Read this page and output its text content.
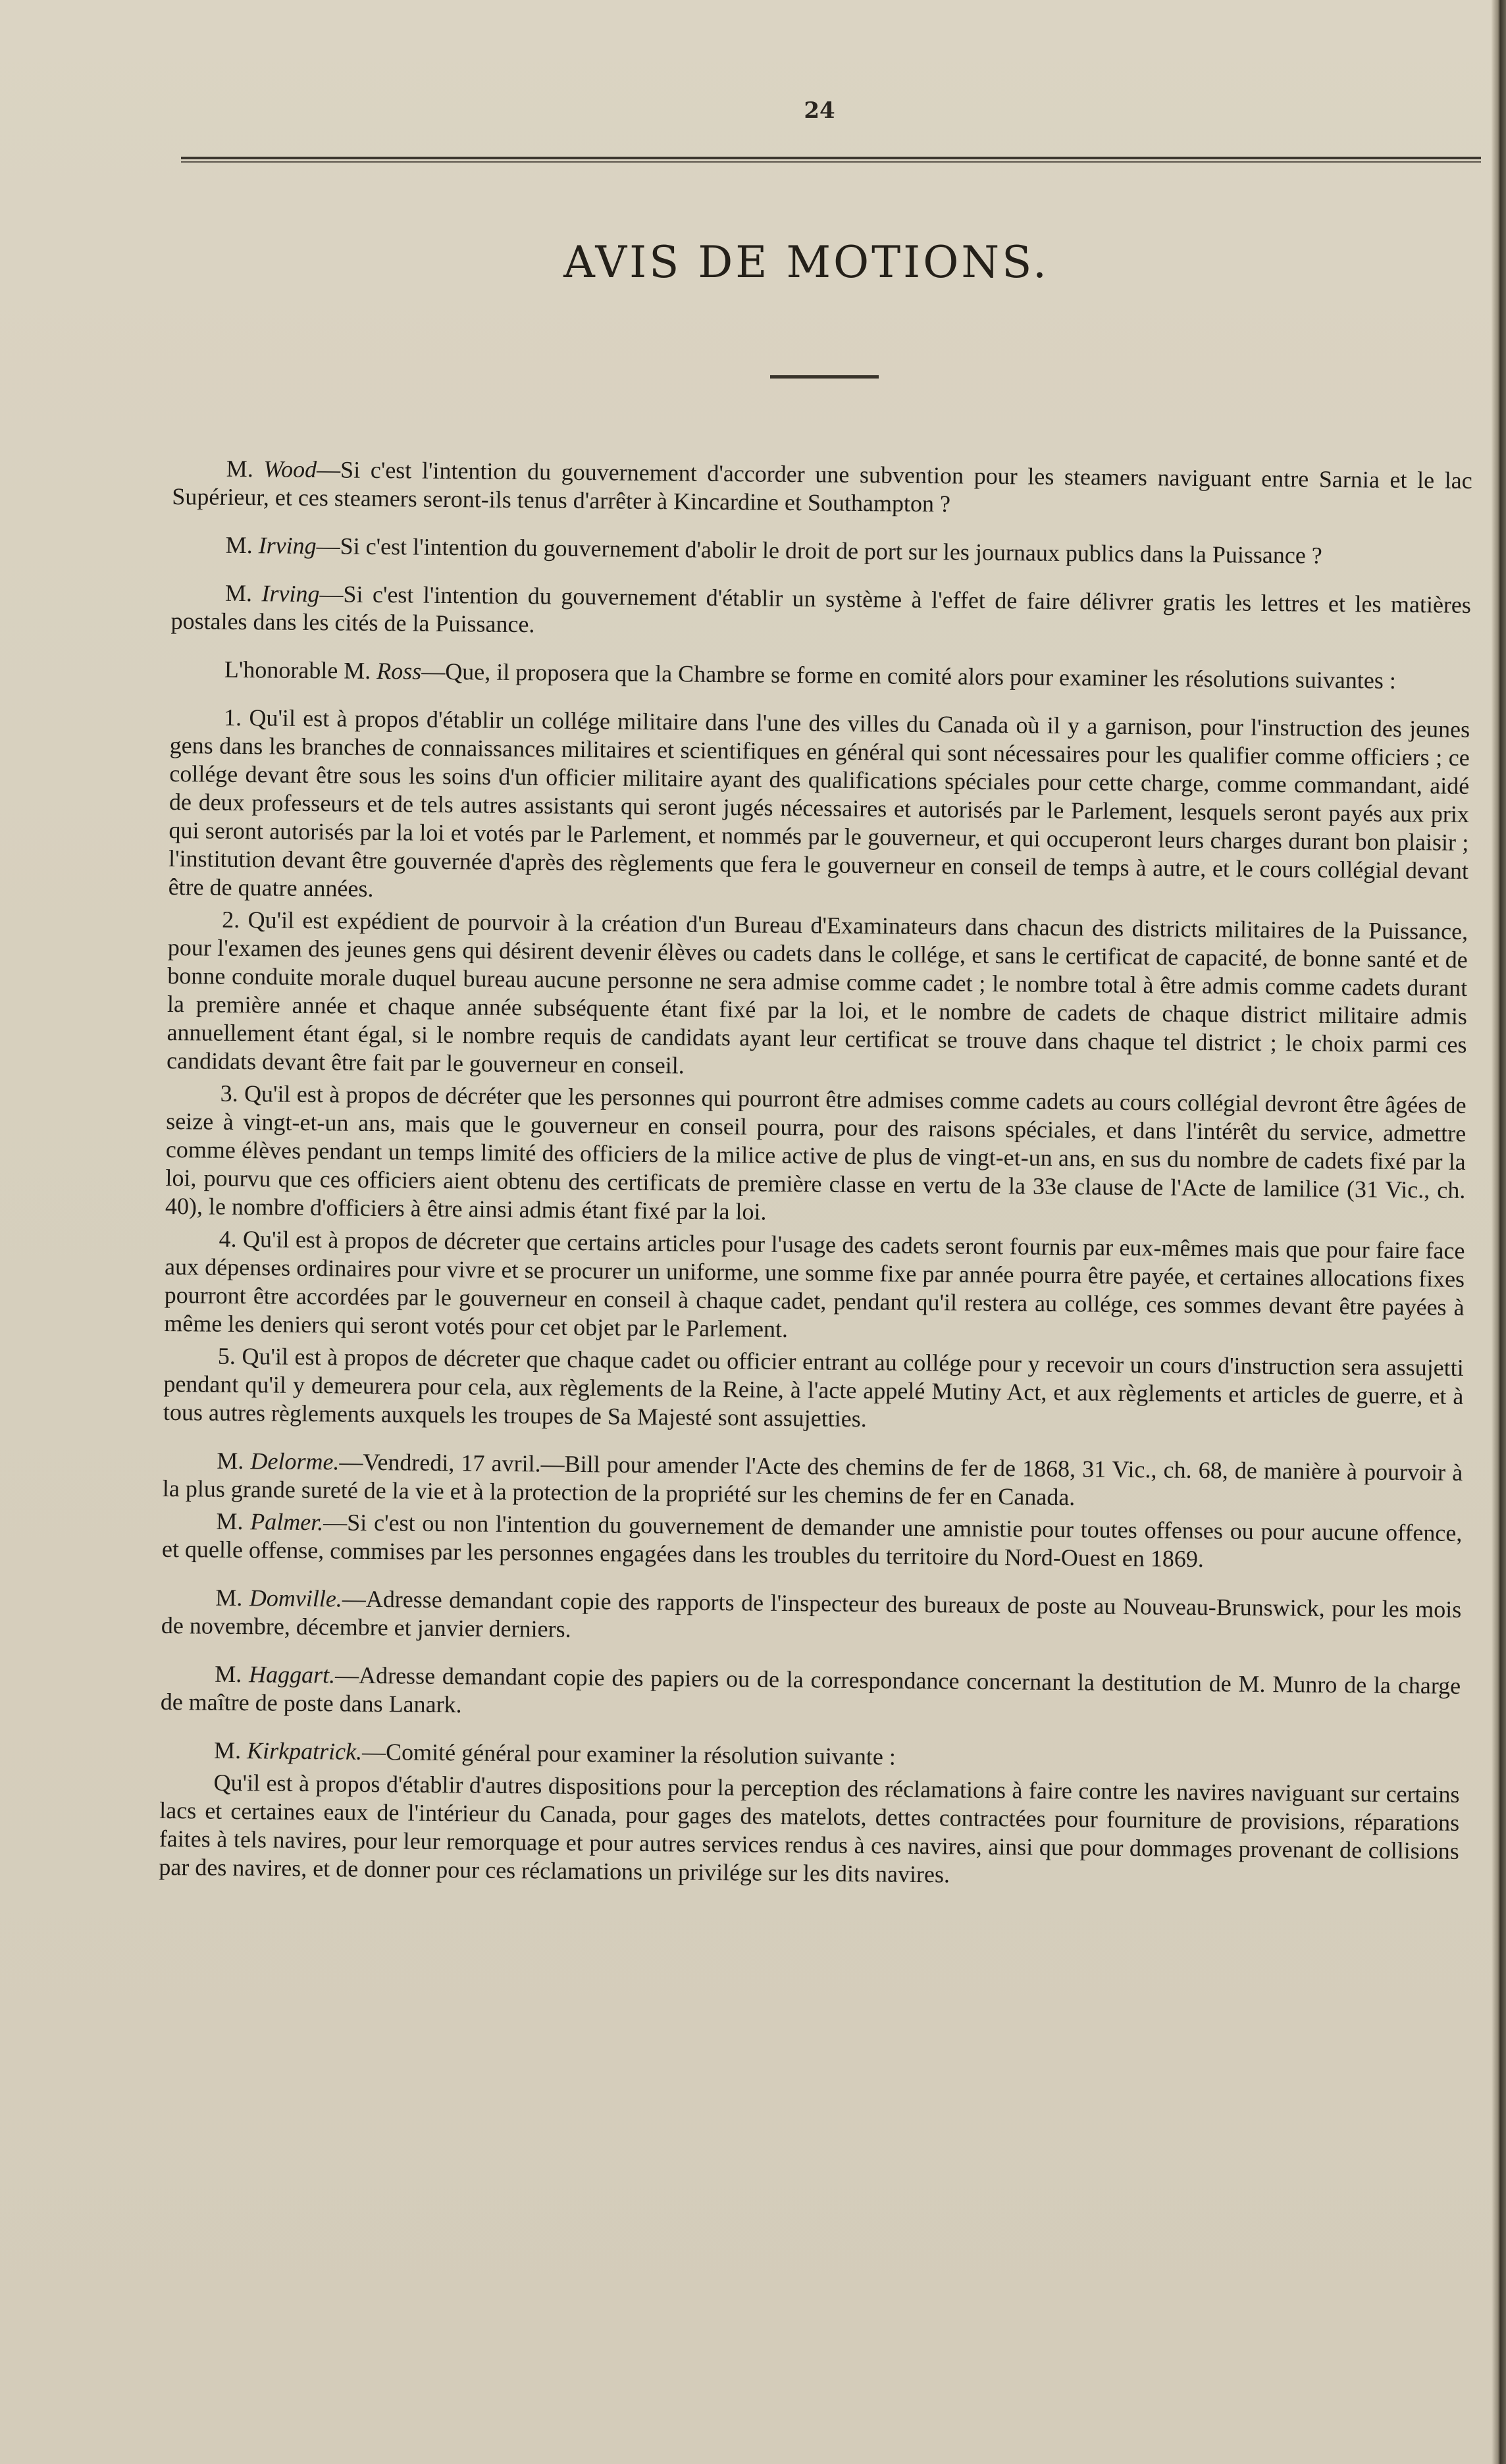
24
AVIS DE MOTIONS.

M. Wood—Si c'est l'intention du gouvernement d'accorder une subvention pour les steamers naviguant entre Sarnia et le lac Supérieur, et ces steamers seront-ils tenus d'arrêter à Kincardine et Southampton ?

M. Irving—Si c'est l'intention du gouvernement d'abolir le droit de port sur les journaux publics dans la Puissance ?

M. Irving—Si c'est l'intention du gouvernement d'établir un système à l'effet de faire délivrer gratis les lettres et les matières postales dans les cités de la Puissance.

L'honorable M. Ross—Que, il proposera que la Chambre se forme en comité alors pour examiner les résolutions suivantes :

1. Qu'il est à propos d'établir un collége militaire dans l'une des villes du Canada où il y a garnison, pour l'instruction des jeunes gens dans les branches de connaissances militaires et scientifiques en général qui sont nécessaires pour les qualifier comme officiers ; ce collége devant être sous les soins d'un officier militaire ayant des qualifications spéciales pour cette charge, comme commandant, aidé de deux professeurs et de tels autres assistants qui seront jugés nécessaires et autorisés par le Parlement, lesquels seront payés aux prix qui seront autorisés par la loi et votés par le Parlement, et nommés par le gouverneur, et qui occuperont leurs charges durant bon plaisir ; l'institution devant être gouvernée d'après des règlements que fera le gouverneur en conseil de temps à autre, et le cours collégial devant être de quatre années.

2. Qu'il est expédient de pourvoir à la création d'un Bureau d'Examinateurs dans chacun des districts militaires de la Puissance, pour l'examen des jeunes gens qui désirent devenir élèves ou cadets dans le collége, et sans le certificat de capacité, de bonne santé et de bonne conduite morale duquel bureau aucune personne ne sera admise comme cadet ; le nombre total à être admis comme cadets durant la première année et chaque année subséquente étant fixé par la loi, et le nombre de cadets de chaque district militaire admis annuellement étant égal, si le nombre requis de candidats ayant leur certificat se trouve dans chaque tel district ; le choix parmi ces candidats devant être fait par le gouverneur en conseil.

3. Qu'il est à propos de décréter que les personnes qui pourront être admises comme cadets au cours collégial devront être âgées de seize à vingt-et-un ans, mais que le gouverneur en conseil pourra, pour des raisons spéciales, et dans l'intérêt du service, admettre comme élèves pendant un temps limité des officiers de la milice active de plus de vingt-et-un ans, en sus du nombre de cadets fixé par la loi, pourvu que ces officiers aient obtenu des certificats de première classe en vertu de la 33e clause de l'Acte de lamilice (31 Vic., ch. 40), le nombre d'officiers à être ainsi admis étant fixé par la loi.

4. Qu'il est à propos de décreter que certains articles pour l'usage des cadets seront fournis par eux-mêmes mais que pour faire face aux dépenses ordinaires pour vivre et se procurer un uniforme, une somme fixe par année pourra être payée, et certaines allocations fixes pourront être accordées par le gouverneur en conseil à chaque cadet, pendant qu'il restera au collége, ces sommes devant être payées à même les deniers qui seront votés pour cet objet par le Parlement.

5. Qu'il est à propos de décreter que chaque cadet ou officier entrant au collége pour y recevoir un cours d'instruction sera assujetti pendant qu'il y demeurera pour cela, aux règlements de la Reine, à l'acte appelé Mutiny Act, et aux règlements et articles de guerre, et à tous autres règlements auxquels les troupes de Sa Majesté sont assujetties.

M. Delorme.—Vendredi, 17 avril.—Bill pour amender l'Acte des chemins de fer de 1868, 31 Vic., ch. 68, de manière à pourvoir à la plus grande sureté de la vie et à la protection de la propriété sur les chemins de fer en Canada.

M. Palmer.—Si c'est ou non l'intention du gouvernement de demander une amnistie pour toutes offenses ou pour aucune offence, et quelle offense, commises par les personnes engagées dans les troubles du territoire du Nord-Ouest en 1869.

M. Domville.—Adresse demandant copie des rapports de l'inspecteur des bureaux de poste au Nouveau-Brunswick, pour les mois de novembre, décembre et janvier derniers.

M. Haggart.—Adresse demandant copie des papiers ou de la correspondance concernant la destitution de M. Munro de la charge de maître de poste dans Lanark.

M. Kirkpatrick.—Comité général pour examiner la résolution suivante :

Qu'il est à propos d'établir d'autres dispositions pour la perception des réclamations à faire contre les navires naviguant sur certains lacs et certaines eaux de l'intérieur du Canada, pour gages des matelots, dettes contractées pour fourniture de provisions, réparations faites à tels navires, pour leur remorquage et pour autres services rendus à ces navires, ainsi que pour dommages provenant de collisions par des navires, et de donner pour ces réclamations un privilége sur les dits navires.
